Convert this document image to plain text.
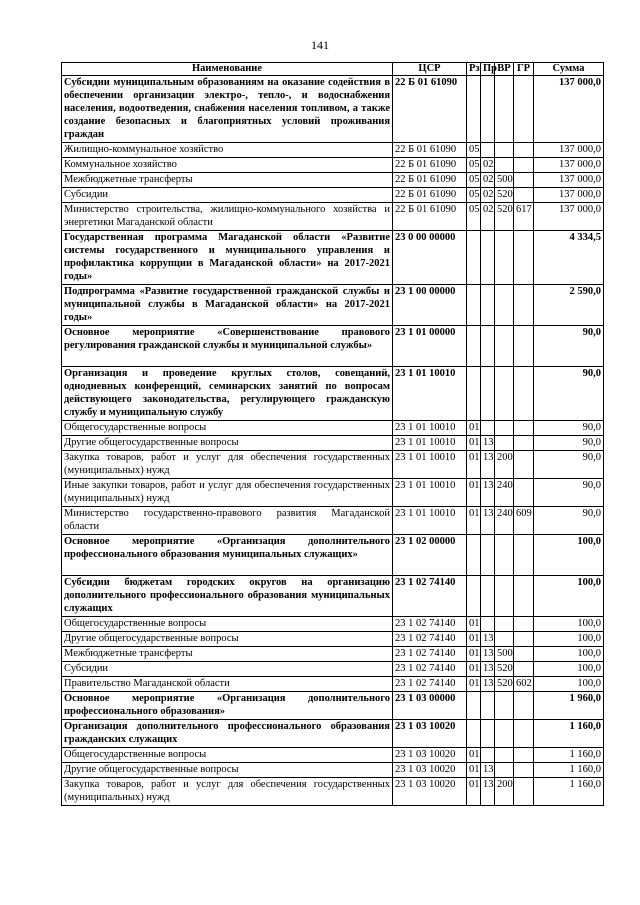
141
Наименование	ЦСР	Рз	Пр	ВР	ГР	Сумма
Субсидии муниципальным образованиям на оказание содействия в обеспечении организации электро-, тепло-, и водоснабжения населения, водоотведения, снабжения населения топливом, а также создание безопасных и благоприятных условий проживания граждан	22 Б 01 61090					137 000,0
Жилищно-коммунальное хозяйство	22 Б 01 61090	05				137 000,0
Коммунальное хозяйство	22 Б 01 61090	05	02			137 000,0
Межбюджетные трансферты	22 Б 01 61090	05	02	500		137 000,0
Субсидии	22 Б 01 61090	05	02	520		137 000,0
Министерство строительства, жилищно-коммунального хозяйства и энергетики Магаданской области	22 Б 01 61090	05	02	520	617	137 000,0
Государственная программа Магаданской области «Развитие системы государственного и муниципального управления и профилактика коррупции в Магаданской области» на 2017-2021 годы»	23 0 00 00000					4 334,5
Подпрограмма «Развитие государственной гражданской службы и муниципальной службы в Магаданской области» на 2017-2021 годы»	23 1 00 00000					2 590,0
Основное мероприятие «Совершенствование правового регулирования гражданской службы и муниципальной службы»	23 1 01 00000					90,0
Организация и проведение круглых столов, совещаний, однодневных конференций, семинарских занятий по вопросам действующего законодательства, регулирующего гражданскую службу и муниципальную службу	23 1 01 10010					90,0
Общегосударственные вопросы	23 1 01 10010	01				90,0
Другие общегосударственные вопросы	23 1 01 10010	01	13			90,0
Закупка товаров, работ и услуг для обеспечения государственных (муниципальных) нужд	23 1 01 10010	01	13	200		90,0
Иные закупки товаров, работ и услуг для обеспечения государственных (муниципальных) нужд	23 1 01 10010	01	13	240		90,0
Министерство государственно-правового развития Магаданской области	23 1 01 10010	01	13	240	609	90,0
Основное мероприятие «Организация дополнительного профессионального образования муниципальных служащих»	23 1 02 00000					100,0
Субсидии бюджетам городских округов на организацию дополнительного профессионального образования муниципальных служащих	23 1 02 74140					100,0
Общегосударственные вопросы	23 1 02 74140	01				100,0
Другие общегосударственные вопросы	23 1 02 74140	01	13			100,0
Межбюджетные трансферты	23 1 02 74140	01	13	500		100,0
Субсидии	23 1 02 74140	01	13	520		100,0
Правительство Магаданской области	23 1 02 74140	01	13	520	602	100,0
Основное мероприятие «Организация дополнительного профессионального образования»	23 1 03 00000					1 960,0
Организация дополнительного профессионального образования гражданских служащих	23 1 03 10020					1 160,0
Общегосударственные вопросы	23 1 03 10020	01				1 160,0
Другие общегосударственные вопросы	23 1 03 10020	01	13			1 160,0
Закупка товаров, работ и услуг для обеспечения государственных (муниципальных) нужд	23 1 03 10020	01	13	200		1 160,0
